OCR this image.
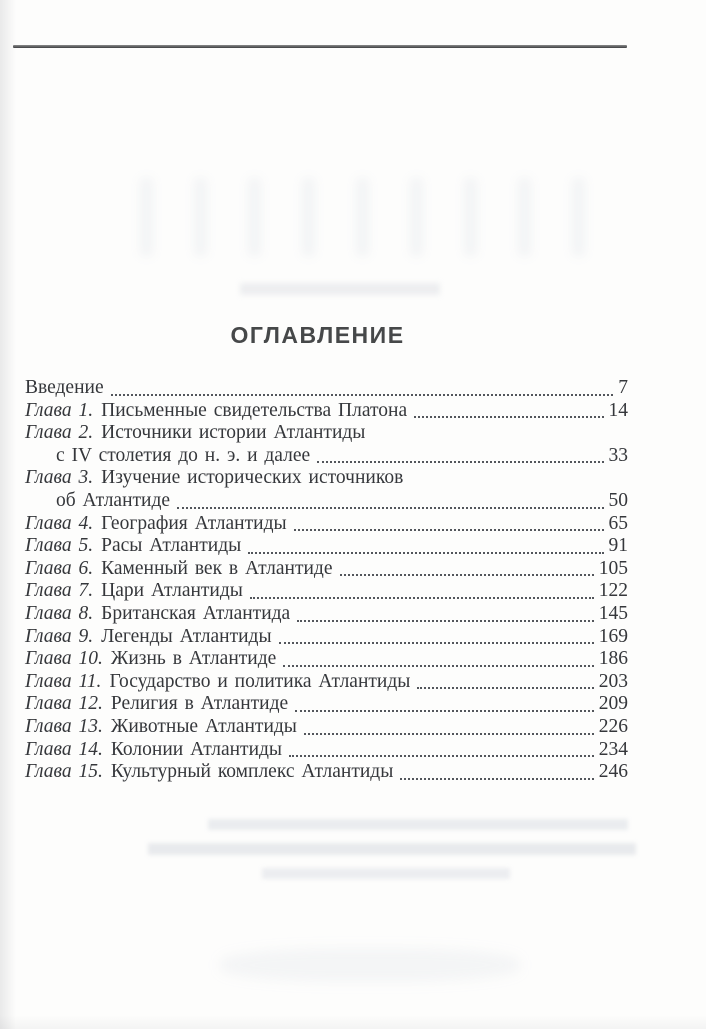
ОГЛАВЛЕНИЕ
Введение	7
Глава 1. Письменные свидетельства Платона	14
Глава 2. Источники истории Атлантиды
с IV столетия до н. э. и далее	33
Глава 3. Изучение исторических источников
об Атлантиде	50
Глава 4. География Атлантиды	65
Глава 5. Расы Атлантиды	91
Глава 6. Каменный век в Атлантиде	105
Глава 7. Цари Атлантиды	122
Глава 8. Британская Атлантида	145
Глава 9. Легенды Атлантиды	169
Глава 10. Жизнь в Атлантиде	186
Глава 11. Государство и политика Атлантиды	203
Глава 12. Религия в Атлантиде	209
Глава 13. Животные Атлантиды	226
Глава 14. Колонии Атлантиды	234
Глава 15. Культурный комплекс Атлантиды	246
